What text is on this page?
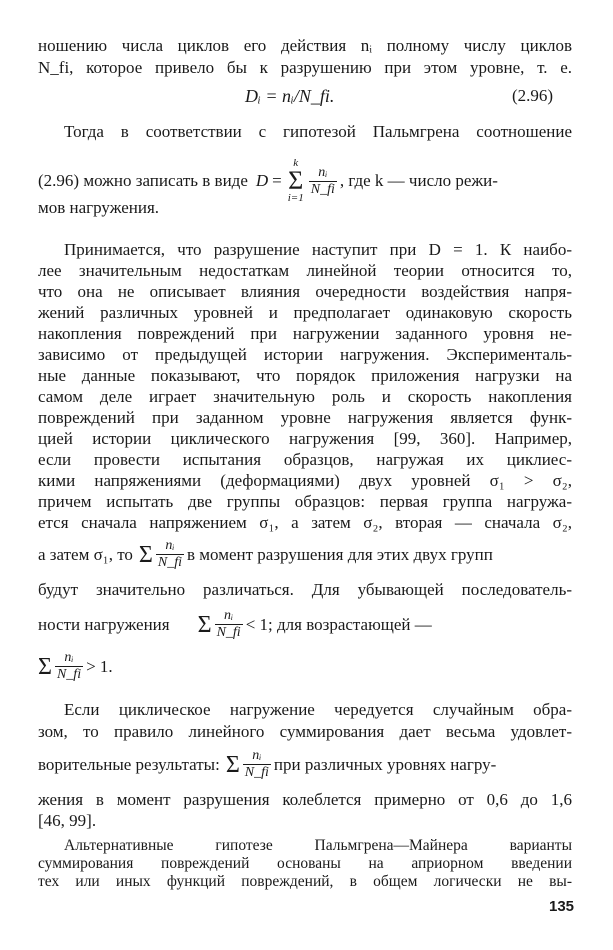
ношению числа циклов его действия nᵢ полному числу циклов
N_fi, которое привело бы к разрушению при этом уровне, т. е.
Dᵢ = nᵢ/N_fi.	(2.96)
Тогда в соответствии с гипотезой Пальмгрена соотношение
(2.96) можно записать в виде D =
k
Σ
i=1
$\frac{\text{nᵢ}}{N\_fi}$ , где k — число режи-
мов нагружения.
Принимается, что разрушение наступит при D = 1. К наибо-
лее значительным недостаткам линейной теории относится то,
что она не описывает влияния очередности воздействия напря-
жений различных уровней и предполагает одинаковую скорость
накопления повреждений при нагружении заданного уровня не-
зависимо от предыдущей истории нагружения. Эксперименталь-
ные данные показывают, что порядок приложения нагрузки на
самом деле играет значительную роль и скорость накопления
повреждений при заданном уровне нагружения является функ-
цией истории циклического нагружения [99, 360]. Например,
если провести испытания образцов, нагружая их циклиес-
кими напряжениями (деформациями) двух уровней σ₁ > σ₂,
причем испытать две группы образцов: первая группа нагружа-
ется сначала напряжением σ₁, а затем σ₂, вторая — сначала σ₂,
а затем σ₁, то Σ $\frac{\text{nᵢ}}{N\_fi}$ в момент разрушения для этих двух групп
будут значительно различаться. Для убывающей последователь-
ности нагружения Σ $\frac{\text{nᵢ}}{N\_fi} < 1$; для возрастающей —
Σ $\frac{\text{nᵢ}}{N\_fi} > 1$.
Если циклическое нагружение чередуется случайным обра-
зом, то правило линейного суммирования дает весьма удовлет-
ворительные результаты: Σ $\frac{\text{nᵢ}}{N\_fi}$ при различных уровнях нагру-
жения в момент разрушения колеблется примерно от 0,6 до 1,6
[46, 99].
Альтернативные гипотезе Пальмгрена—Майнера варианты
суммирования повреждений основаны на априорном введении
тех или иных функций повреждений, в общем логически не вы-
135
